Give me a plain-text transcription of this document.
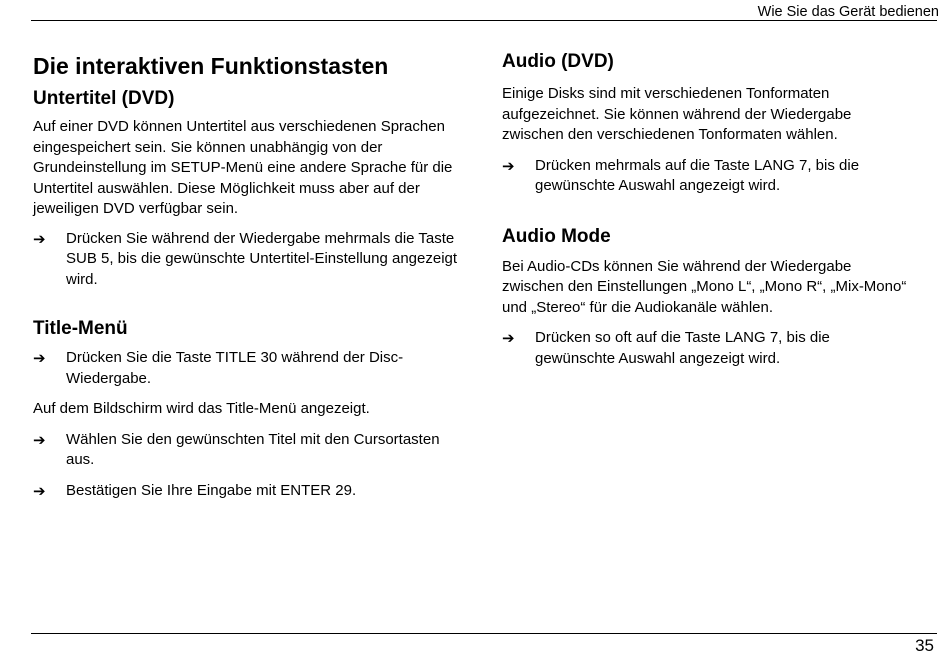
Wie Sie das Gerät bedienen
Die interaktiven Funktionstasten
Untertitel (DVD)

Auf einer DVD können Untertitel aus verschiedenen Sprachen eingespeichert sein. Sie können unabhängig von der Grundeinstellung im SETUP-Menü eine andere Sprache für die Untertitel auswählen. Diese Möglichkeit muss aber auf der jeweiligen DVD verfügbar sein.

➔	Drücken Sie während der Wiedergabe mehrmals die Taste SUB 5, bis die gewünschte Untertitel-Einstellung angezeigt wird.
Title-Menü
➔	Drücken Sie die Taste TITLE 30 während der Disc-Wiedergabe.

Auf dem Bildschirm wird das Title-Menü angezeigt.

➔	Wählen Sie den gewünschten Titel mit den Cursortasten aus.
➔	Bestätigen Sie Ihre Eingabe mit ENTER 29.
Audio (DVD)

Einige Disks sind mit verschiedenen Tonformaten aufgezeichnet. Sie können während der Wiedergabe zwischen den verschiedenen Tonformaten wählen.

➔	Drücken mehrmals auf die Taste LANG 7, bis die gewünschte Auswahl angezeigt wird.
Audio Mode

Bei Audio-CDs können Sie während der Wiedergabe zwischen den Einstellungen „Mono L“, „Mono R“, „Mix-Mono“ und „Stereo“ für die Audiokanäle wählen.

➔	Drücken so oft auf die Taste LANG 7, bis die gewünschte Auswahl angezeigt wird.
35
